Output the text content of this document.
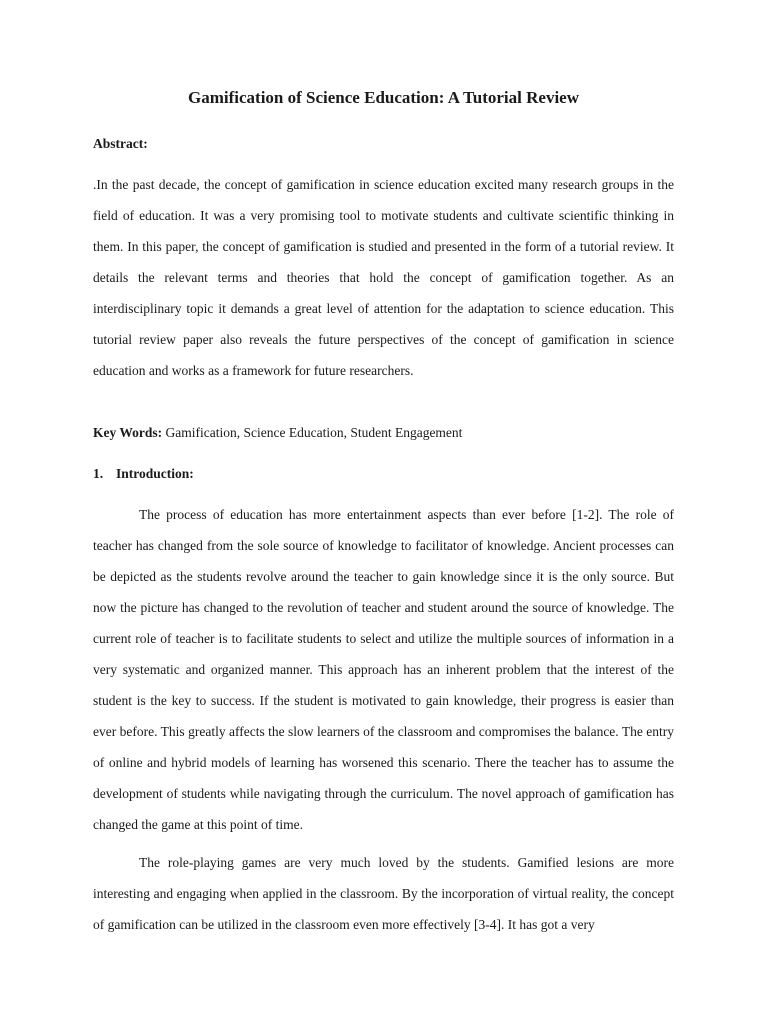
Gamification of Science Education: A Tutorial Review

Abstract:

.In the past decade, the concept of gamification in science education excited many research groups in the field of education. It was a very promising tool to motivate students and cultivate scientific thinking in them. In this paper, the concept of gamification is studied and presented in the form of a tutorial review. It details the relevant terms and theories that hold the concept of gamification together. As an interdisciplinary topic it demands a great level of attention for the adaptation to science education. This tutorial review paper also reveals the future perspectives of the concept of gamification in science education and works as a framework for future researchers.

Key Words: Gamification, Science Education, Student Engagement

1. Introduction:

The process of education has more entertainment aspects than ever before [1-2]. The role of teacher has changed from the sole source of knowledge to facilitator of knowledge. Ancient processes can be depicted as the students revolve around the teacher to gain knowledge since it is the only source. But now the picture has changed to the revolution of teacher and student around the source of knowledge. The current role of teacher is to facilitate students to select and utilize the multiple sources of information in a very systematic and organized manner. This approach has an inherent problem that the interest of the student is the key to success. If the student is motivated to gain knowledge, their progress is easier than ever before. This greatly affects the slow learners of the classroom and compromises the balance. The entry of online and hybrid models of learning has worsened this scenario. There the teacher has to assume the development of students while navigating through the curriculum. The novel approach of gamification has changed the game at this point of time.

The role-playing games are very much loved by the students. Gamified lesions are more interesting and engaging when applied in the classroom. By the incorporation of virtual reality, the concept of gamification can be utilized in the classroom even more effectively [3-4]. It has got a very
